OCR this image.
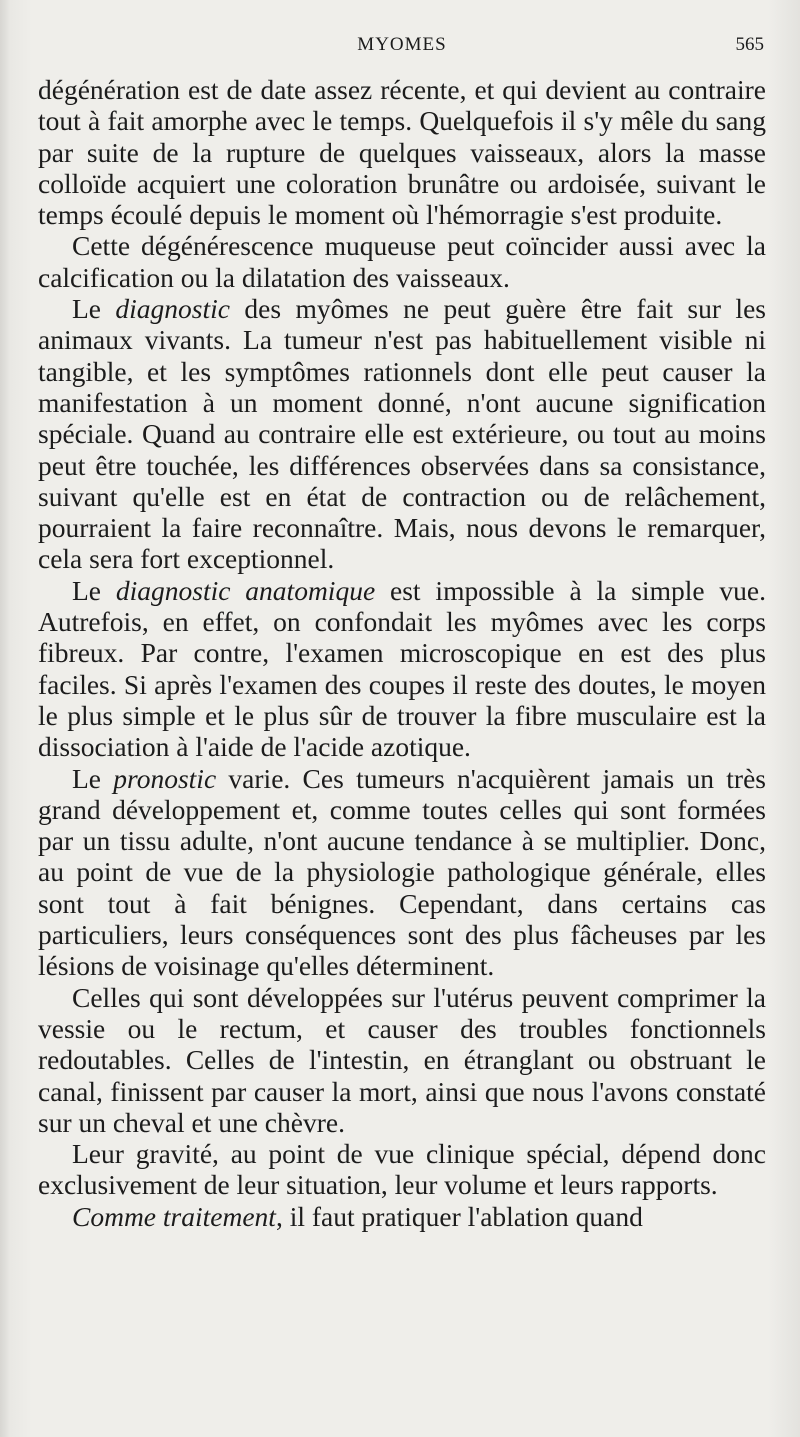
MYOMES	565

dégénération est de date assez récente, et qui devient au contraire tout à fait amorphe avec le temps. Quelquefois il s'y mêle du sang par suite de la rupture de quelques vaisseaux, alors la masse colloïde acquiert une coloration brunâtre ou ardoisée, suivant le temps écoulé depuis le moment où l'hémorragie s'est produite.

Cette dégénérescence muqueuse peut coïncider aussi avec la calcification ou la dilatation des vaisseaux.

Le diagnostic des myômes ne peut guère être fait sur les animaux vivants. La tumeur n'est pas habituellement visible ni tangible, et les symptômes rationnels dont elle peut causer la manifestation à un moment donné, n'ont aucune signification spéciale. Quand au contraire elle est extérieure, ou tout au moins peut être touchée, les différences observées dans sa consistance, suivant qu'elle est en état de contraction ou de relâchement, pourraient la faire reconnaître. Mais, nous devons le remarquer, cela sera fort exceptionnel.

Le diagnostic anatomique est impossible à la simple vue. Autrefois, en effet, on confondait les myômes avec les corps fibreux. Par contre, l'examen microscopique en est des plus faciles. Si après l'examen des coupes il reste des doutes, le moyen le plus simple et le plus sûr de trouver la fibre musculaire est la dissociation à l'aide de l'acide azotique.

Le pronostic varie. Ces tumeurs n'acquièrent jamais un très grand développement et, comme toutes celles qui sont formées par un tissu adulte, n'ont aucune tendance à se multiplier. Donc, au point de vue de la physiologie pathologique générale, elles sont tout à fait bénignes. Cependant, dans certains cas particuliers, leurs conséquences sont des plus fâcheuses par les lésions de voisinage qu'elles déterminent.

Celles qui sont développées sur l'utérus peuvent comprimer la vessie ou le rectum, et causer des troubles fonctionnels redoutables. Celles de l'intestin, en étranglant ou obstruant le canal, finissent par causer la mort, ainsi que nous l'avons constaté sur un cheval et une chèvre.

Leur gravité, au point de vue clinique spécial, dépend donc exclusivement de leur situation, leur volume et leurs rapports.

Comme traitement, il faut pratiquer l'ablation quand
